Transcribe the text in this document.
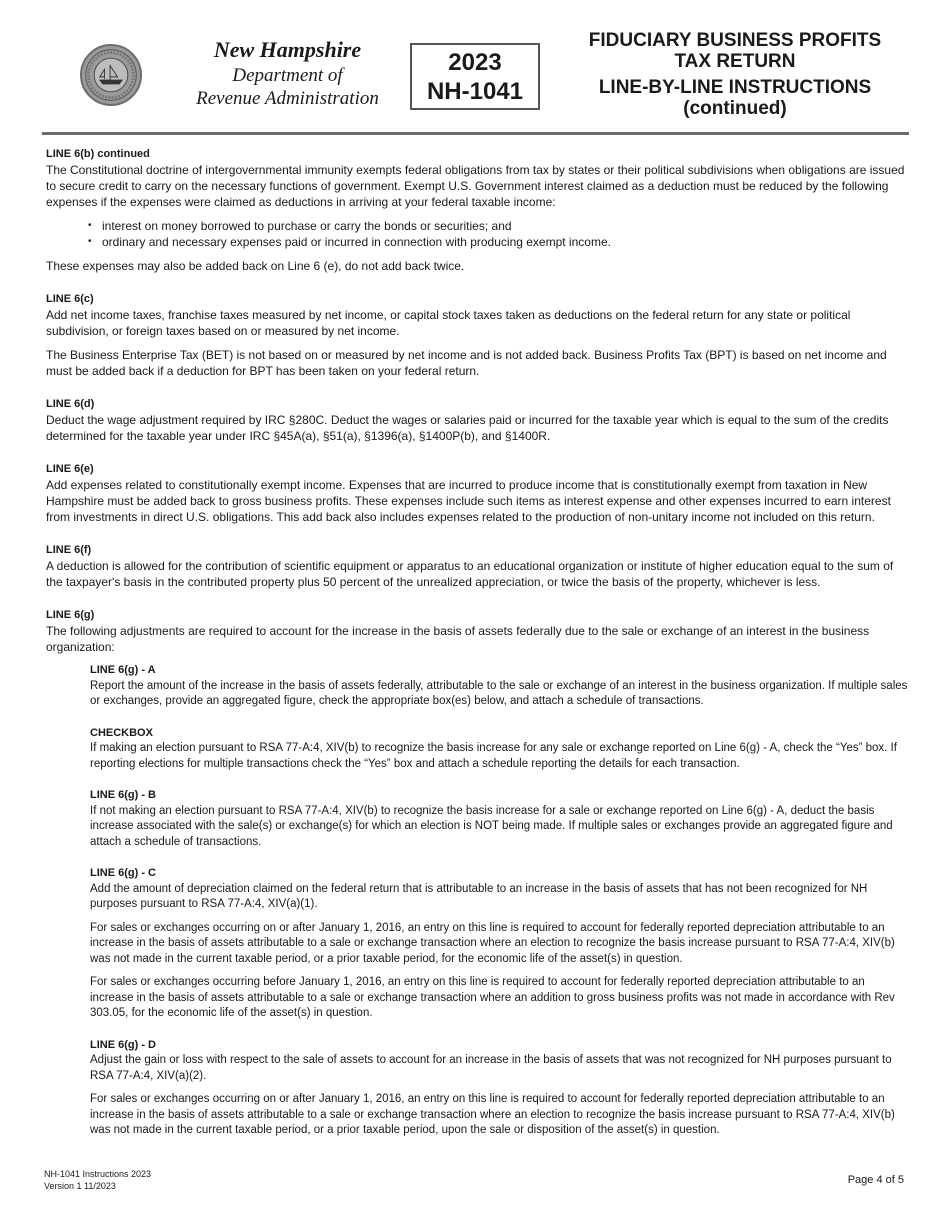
New Hampshire
Department of
Revenue Administration
2023
NH-1041
FIDUCIARY BUSINESS PROFITS
TAX RETURN
LINE-BY-LINE INSTRUCTIONS
(continued)
LINE 6(b) continued

The Constitutional doctrine of intergovernmental immunity exempts federal obligations from tax by states or their political subdivisions when obligations are issued to secure credit to carry on the necessary functions of government. Exempt U.S. Government interest claimed as a deduction must be reduced by the following expenses if the expenses were claimed as deductions in arriving at your federal taxable income:

• interest on money borrowed to purchase or carry the bonds or securities; and
• ordinary and necessary expenses paid or incurred in connection with producing exempt income.

These expenses may also be added back on Line 6 (e), do not add back twice.

LINE 6(c)

Add net income taxes, franchise taxes measured by net income, or capital stock taxes taken as deductions on the federal return for any state or political subdivision, or foreign taxes based on or measured by net income.

The Business Enterprise Tax (BET) is not based on or measured by net income and is not added back. Business Profits Tax (BPT) is based on net income and must be added back if a deduction for BPT has been taken on your federal return.

LINE 6(d)

Deduct the wage adjustment required by IRC §280C. Deduct the wages or salaries paid or incurred for the taxable year which is equal to the sum of the credits determined for the taxable year under IRC §45A(a), §51(a), §1396(a), §1400P(b), and §1400R.

LINE 6(e)

Add expenses related to constitutionally exempt income. Expenses that are incurred to produce income that is constitutionally exempt from taxation in New Hampshire must be added back to gross business profits. These expenses include such items as interest expense and other expenses incurred to earn interest from investments in direct U.S. obligations. This add back also includes expenses related to the production of non-unitary income not included on this return.

LINE 6(f)

A deduction is allowed for the contribution of scientific equipment or apparatus to an educational organization or institute of higher education equal to the sum of the taxpayer's basis in the contributed property plus 50 percent of the unrealized appreciation, or twice the basis of the property, whichever is less.

LINE 6(g)

The following adjustments are required to account for the increase in the basis of assets federally due to the sale or exchange of an interest in the business organization:

LINE 6(g) - A

Report the amount of the increase in the basis of assets federally, attributable to the sale or exchange of an interest in the business organization. If multiple sales or exchanges, provide an aggregated figure, check the appropriate box(es) below, and attach a schedule of transactions.

CHECKBOX

If making an election pursuant to RSA 77-A:4, XIV(b) to recognize the basis increase for any sale or exchange reported on Line 6(g) - A, check the “Yes” box. If reporting elections for multiple transactions check the “Yes” box and attach a schedule reporting the details for each transaction.

LINE 6(g) - B

If not making an election pursuant to RSA 77-A:4, XIV(b) to recognize the basis increase for a sale or exchange reported on Line 6(g) - A, deduct the basis increase associated with the sale(s) or exchange(s) for which an election is NOT being made. If multiple sales or exchanges provide an aggregated figure and attach a schedule of transactions.

LINE 6(g) - C

Add the amount of depreciation claimed on the federal return that is attributable to an increase in the basis of assets that has not been recognized for NH purposes pursuant to RSA 77-A:4, XIV(a)(1).

For sales or exchanges occurring on or after January 1, 2016, an entry on this line is required to account for federally reported depreciation attributable to an increase in the basis of assets attributable to a sale or exchange transaction where an election to recognize the basis increase pursuant to RSA 77-A:4, XIV(b) was not made in the current taxable period, or a prior taxable period, for the economic life of the asset(s) in question.

For sales or exchanges occurring before January 1, 2016, an entry on this line is required to account for federally reported depreciation attributable to an increase in the basis of assets attributable to a sale or exchange transaction where an addition to gross business profits was not made in accordance with Rev 303.05, for the economic life of the asset(s) in question.

LINE 6(g) - D

Adjust the gain or loss with respect to the sale of assets to account for an increase in the basis of assets that was not recognized for NH purposes pursuant to RSA 77-A:4, XIV(a)(2).

For sales or exchanges occurring on or after January 1, 2016, an entry on this line is required to account for federally reported depreciation attributable to an increase in the basis of assets attributable to a sale or exchange transaction where an election to recognize the basis increase pursuant to RSA 77-A:4, XIV(b) was not made in the current taxable period, or a prior taxable period, upon the sale or disposition of the asset(s) in question.

NH-1041 Instructions 2023
Version 1 11/2023	Page 4 of 5
